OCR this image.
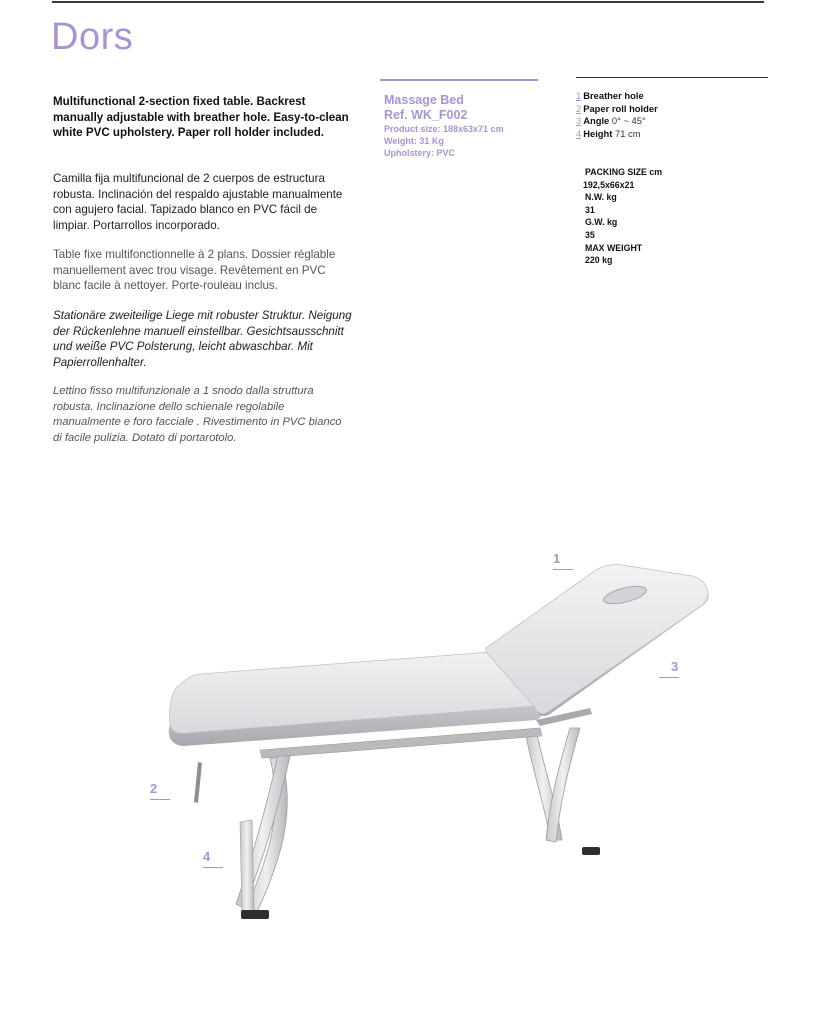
Dors

Multifunctional 2-section fixed table. Backrest manually adjustable with breather hole. Easy-to-clean white PVC upholstery. Paper roll holder included.

Camilla fija multifuncional de 2 cuerpos de estructura robusta. Inclinación del respaldo ajustable manualmente con agujero facial. Tapizado blanco en PVC fácil de limpiar. Portarrollos incorporado.

Table fixe multifonctionnelle à 2 plans. Dossier réglable manuellement avec trou visage. Revêtement en PVC blanc facile à nettoyer. Porte-rouleau inclus.

Stationäre zweiteilige Liege mit robuster Struktur. Neigung der Rückenlehne manuell einstellbar. Gesichtsausschnitt und weiße PVC Polsterung, leicht abwaschbar. Mit Papierrollenhalter.

Lettino fisso multifunzionale a 1 snodo dalla struttura robusta. Inclinazione dello schienale regolabile manualmente e foro facciale . Rivestimento in PVC bianco di facile pulizia. Dotato di portarotolo.

Massage Bed
Ref. WK_F002
Product size: 188x63x71 cm
Weight: 31 Kg
Upholstery: PVC
1 Breather hole
2 Paper roll holder
3 Angle 0° ~ 45°
4 Height 71 cm
PACKING SIZE cm
192,5x66x21
N.W. kg
31
G.W. kg
35
MAX WEIGHT
220 kg
1
3
2
4
